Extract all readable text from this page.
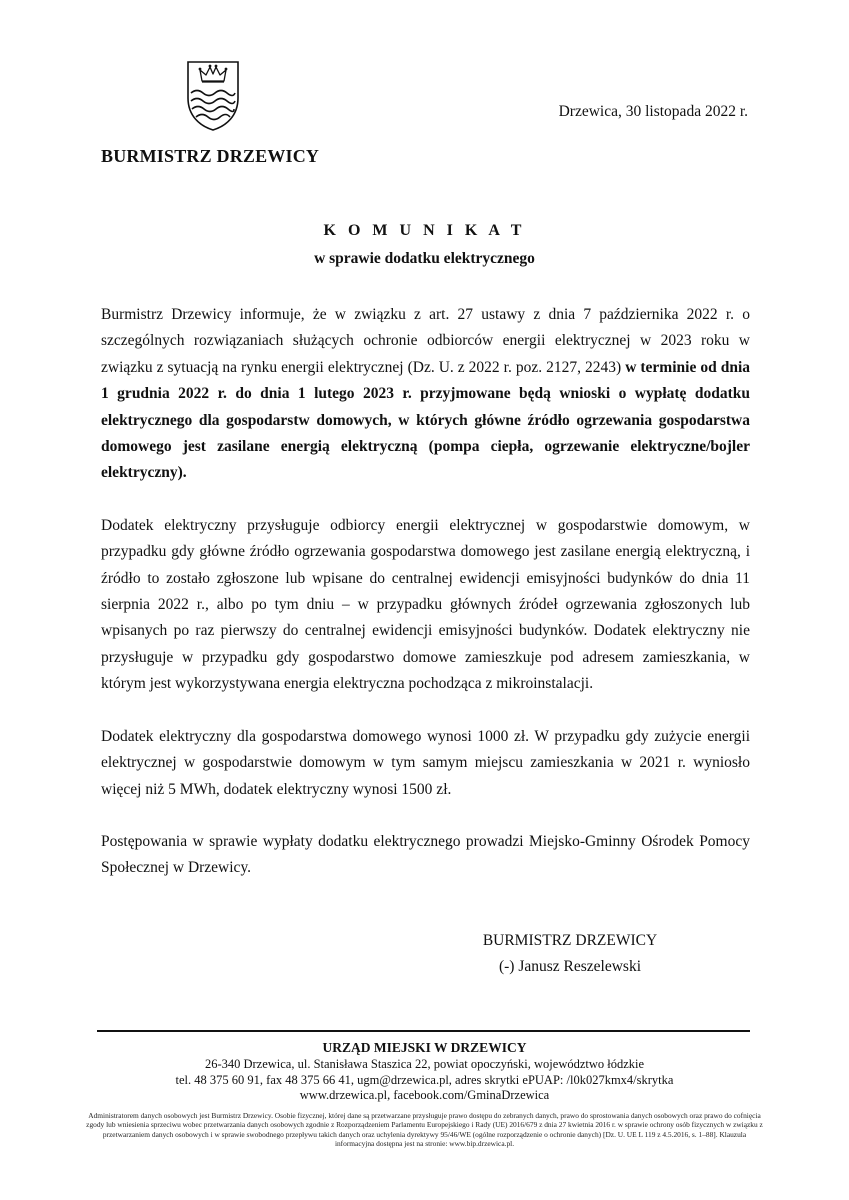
Drzewica, 30 listopada 2022 r.
BURMISTRZ DRZEWICY
K O M U N I K A T
w sprawie dodatku elektrycznego

Burmistrz Drzewicy informuje, że w związku z art. 27 ustawy z dnia 7 października 2022 r. o szczególnych rozwiązaniach służących ochronie odbiorców energii elektrycznej w 2023 roku w związku z sytuacją na rynku energii elektrycznej (Dz. U. z 2022 r. poz. 2127, 2243) w terminie od dnia 1 grudnia 2022 r. do dnia 1 lutego 2023 r. przyjmowane będą wnioski o wypłatę dodatku elektrycznego dla gospodarstw domowych, w których główne źródło ogrzewania gospodarstwa domowego jest zasilane energią elektryczną (pompa ciepła, ogrzewanie elektryczne/bojler elektryczny).

Dodatek elektryczny przysługuje odbiorcy energii elektrycznej w gospodarstwie domowym, w przypadku gdy główne źródło ogrzewania gospodarstwa domowego jest zasilane energią elektryczną, i źródło to zostało zgłoszone lub wpisane do centralnej ewidencji emisyjności budynków do dnia 11 sierpnia 2022 r., albo po tym dniu – w przypadku głównych źródeł ogrzewania zgłoszonych lub wpisanych po raz pierwszy do centralnej ewidencji emisyjności budynków. Dodatek elektryczny nie przysługuje w przypadku gdy gospodarstwo domowe zamieszkuje pod adresem zamieszkania, w którym jest wykorzystywana energia elektryczna pochodząca z mikroinstalacji.

Dodatek elektryczny dla gospodarstwa domowego wynosi 1000 zł. W przypadku gdy zużycie energii elektrycznej w gospodarstwie domowym w tym samym miejscu zamieszkania w 2021 r. wyniosło więcej niż 5 MWh, dodatek elektryczny wynosi 1500 zł.

Postępowania w sprawie wypłaty dodatku elektrycznego prowadzi Miejsko-Gminny Ośrodek Pomocy Społecznej w Drzewicy.

BURMISTRZ DRZEWICY
(-) Janusz Reszelewski
URZĄD MIEJSKI W DRZEWICY
26-340 Drzewica, ul. Stanisława Staszica 22, powiat opoczyński, województwo łódzkie
tel. 48 375 60 91, fax 48 375 66 41, ugm@drzewica.pl, adres skrytki ePUAP: /l0k027kmx4/skrytka
www.drzewica.pl, facebook.com/GminaDrzewica
Administratorem danych osobowych jest Burmistrz Drzewicy. Osobie fizycznej, której dane są przetwarzane przysługuje prawo dostępu do zebranych danych, prawo do sprostowania danych osobowych oraz prawo do cofnięcia zgody lub wniesienia sprzeciwu wobec przetwarzania danych osobowych zgodnie z Rozporządzeniem Parlamentu Europejskiego i Rady (UE) 2016/679 z dnia 27 kwietnia 2016 r. w sprawie ochrony osób fizycznych w związku z przetwarzaniem danych osobowych i w sprawie swobodnego przepływu takich danych oraz uchylenia dyrektywy 95/46/WE (ogólne rozporządzenie o ochronie danych) [Dz. U. UE L 119 z 4.5.2016, s. 1–88]. Klauzula informacyjna dostępna jest na stronie: www.bip.drzewica.pl.
